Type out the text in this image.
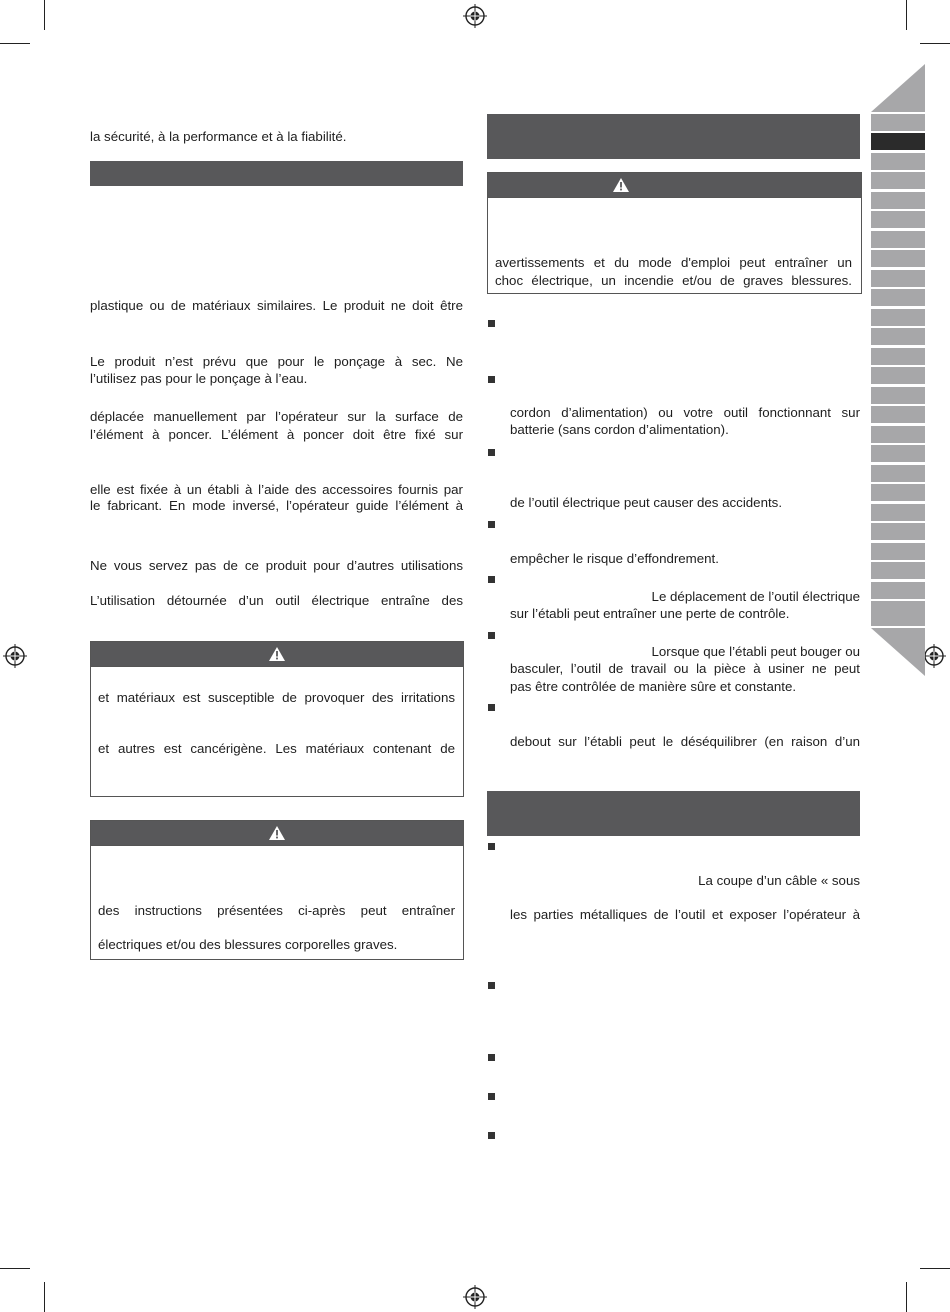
la sécurité, à la performance et à la fiabilité.
plastique ou de matériaux similaires. Le produit ne doit être
Le produit n’est prévu que pour le ponçage à sec. Ne
l’utilisez pas pour le ponçage à l’eau.
déplacée manuellement par l’opérateur sur la surface de
l’élément à poncer. L’élément à poncer doit être fixé sur
elle est fixée à un établi à l’aide des accessoires fournis par
le fabricant. En mode inversé, l’opérateur guide l’élément à
Ne vous servez pas de ce produit pour d’autres utilisations
L’utilisation détournée d’un outil électrique entraîne des
et matériaux est susceptible de provoquer des irritations
et autres est cancérigène. Les matériaux contenant de
des instructions présentées ci-après peut entraîner
électriques et/ou des blessures corporelles graves.
avertissements et du mode d'emploi peut entraîner un
choc électrique, un incendie et/ou de graves blessures.
cordon d’alimentation) ou votre outil fonctionnant sur
batterie (sans cordon d’alimentation).
de l’outil électrique peut causer des accidents.
empêcher le risque d’effondrement.
Le déplacement de l’outil électrique
sur l’établi peut entraîner une perte de contrôle.
Lorsque que l’établi peut bouger ou
basculer, l’outil de travail ou la pièce à usiner ne peut
pas être contrôlée de manière sûre et constante.
debout sur l’établi peut le déséquilibrer (en raison d’un
La coupe d’un câble « sous
les parties métalliques de l’outil et exposer l’opérateur à
